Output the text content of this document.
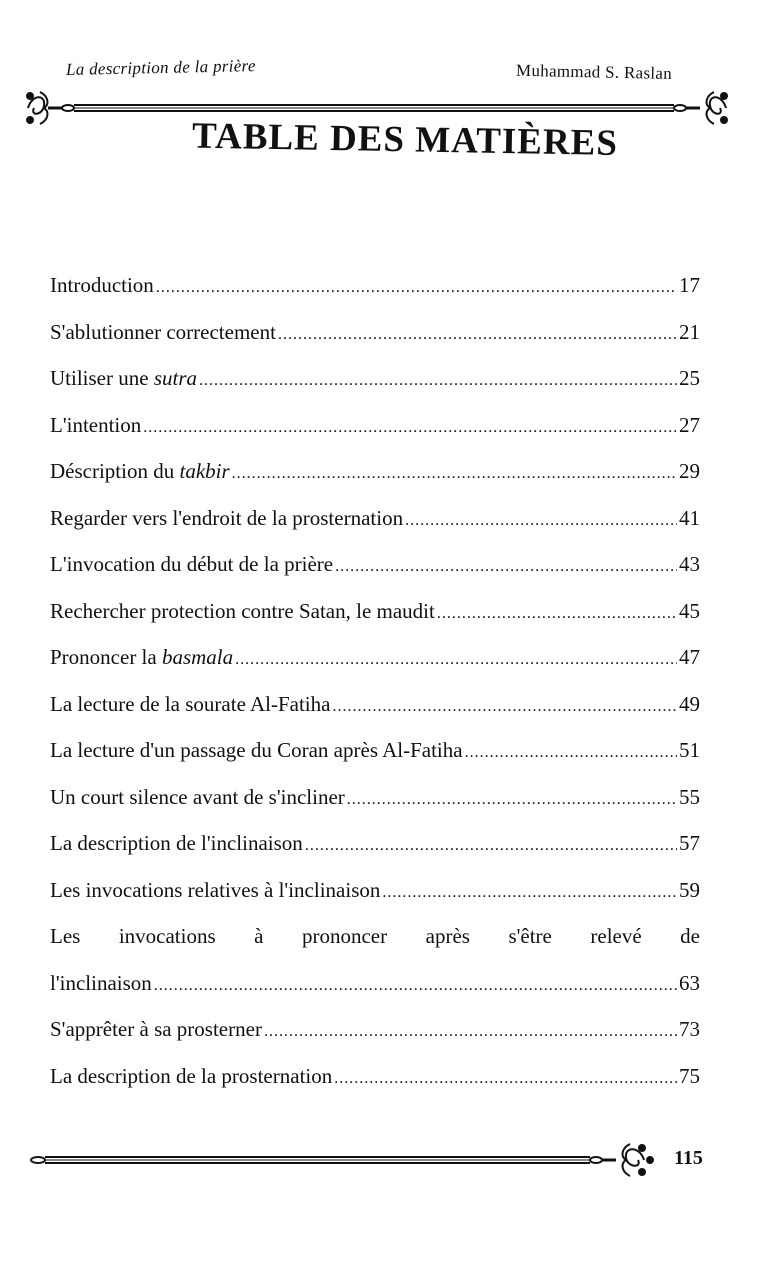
La description de la prière	Muhammad S. Raslan
TABLE DES MATIÈRES
Introduction .....	17
S'ablutionner correctement .....	21
Utiliser une sutra .....	25
L'intention .....	27
Déscription du takbir .....	29
Regarder vers l'endroit de la prosternation .....	41
L'invocation du début de la prière .....	43
Rechercher protection contre Satan, le maudit .....	45
Prononcer la basmala .....	47
La lecture de la sourate Al-Fatiha .....	49
La lecture d'un passage du Coran après Al-Fatiha .....	51
Un court silence avant de s'incliner .....	55
La description de l'inclinaison .....	57
Les invocations relatives à l'inclinaison .....	59
Les invocations à prononcer après s'être relevé de
l'inclinaison .....	63
S'apprêter à sa prosterner .....	73
La description de la prosternation .....	75
115
